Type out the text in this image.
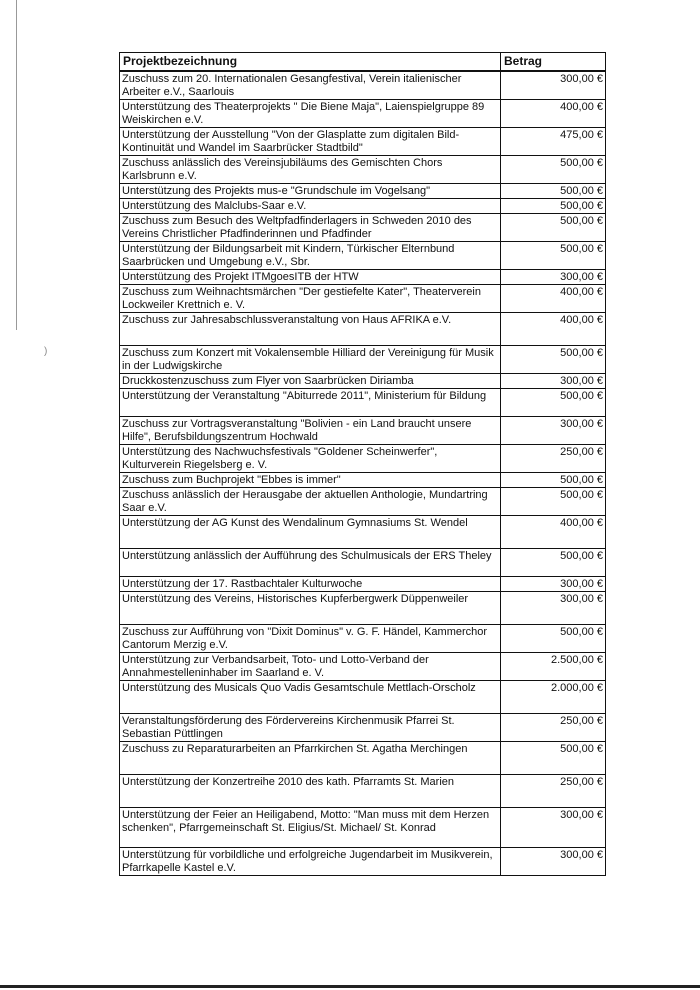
)
Projektbezeichnung	Betrag
Zuschuss zum 20. Internationalen Gesangfestival, Verein italienischer Arbeiter e.V., Saarlouis	300,00 €
Unterstützung des Theaterprojekts " Die Biene Maja", Laienspielgruppe 89 Weiskirchen e.V.	400,00 €
Unterstützung der Ausstellung "Von der Glasplatte zum digitalen Bild-Kontinuität und Wandel im Saarbrücker Stadtbild"	475,00 €
Zuschuss anlässlich des Vereinsjubiläums des Gemischten Chors Karlsbrunn e.V.	500,00 €
Unterstützung des Projekts mus-e "Grundschule im Vogelsang"	500,00 €
Unterstützung des Malclubs-Saar e.V.	500,00 €
Zuschuss zum Besuch des Weltpfadfinderlagers in Schweden 2010 des Vereins Christlicher Pfadfinderinnen und Pfadfinder	500,00 €
Unterstützung der Bildungsarbeit mit Kindern, Türkischer Elternbund Saarbrücken und Umgebung e.V., Sbr.	500,00 €
Unterstützung des Projekt ITMgoesITB der HTW	300,00 €
Zuschuss zum Weihnachtsmärchen "Der gestiefelte Kater", Theaterverein Lockweiler Krettnich e. V.	400,00 €
Zuschuss zur Jahresabschlussveranstaltung von Haus AFRIKA e.V.	400,00 €
Zuschuss zum Konzert mit Vokalensemble Hilliard der Vereinigung für Musik in der Ludwigskirche	500,00 €
Druckkostenzuschuss zum Flyer von Saarbrücken Diriamba	300,00 €
Unterstützung der Veranstaltung "Abiturrede 2011", Ministerium für Bildung	500,00 €
Zuschuss zur Vortragsveranstaltung "Bolivien - ein Land braucht unsere Hilfe", Berufsbildungszentrum Hochwald	300,00 €
Unterstützung des Nachwuchsfestivals "Goldener Scheinwerfer", Kulturverein Riegelsberg e. V.	250,00 €
Zuschuss zum Buchprojekt "Ebbes is immer"	500,00 €
Zuschuss anlässlich der Herausgabe der aktuellen Anthologie, Mundartring Saar e.V.	500,00 €
Unterstützung der AG Kunst des Wendalinum Gymnasiums St. Wendel	400,00 €
Unterstützung anlässlich der Aufführung des Schulmusicals der ERS Theley	500,00 €
Unterstützung der 17. Rastbachtaler Kulturwoche	300,00 €
Unterstützung des Vereins, Historisches Kupferbergwerk Düppenweiler	300,00 €
Zuschuss zur Aufführung von "Dixit Dominus" v. G. F. Händel, Kammerchor Cantorum Merzig e.V.	500,00 €
Unterstützung zur Verbandsarbeit, Toto- und Lotto-Verband der Annahmestelleninhaber im Saarland e. V.	2.500,00 €
Unterstützung des Musicals Quo Vadis Gesamtschule Mettlach-Orscholz	2.000,00 €
Veranstaltungsförderung des Fördervereins Kirchenmusik Pfarrei St. Sebastian Püttlingen	250,00 €
Zuschuss zu Reparaturarbeiten an Pfarrkirchen St. Agatha Merchingen	500,00 €
Unterstützung der Konzertreihe 2010 des kath. Pfarramts St. Marien	250,00 €
Unterstützung der Feier an Heiligabend, Motto: "Man muss mit dem Herzen schenken", Pfarrgemeinschaft St. Eligius/St. Michael/ St. Konrad	300,00 €
Unterstützung für vorbildliche und erfolgreiche Jugendarbeit im Musikverein, Pfarrkapelle Kastel e.V.	300,00 €
